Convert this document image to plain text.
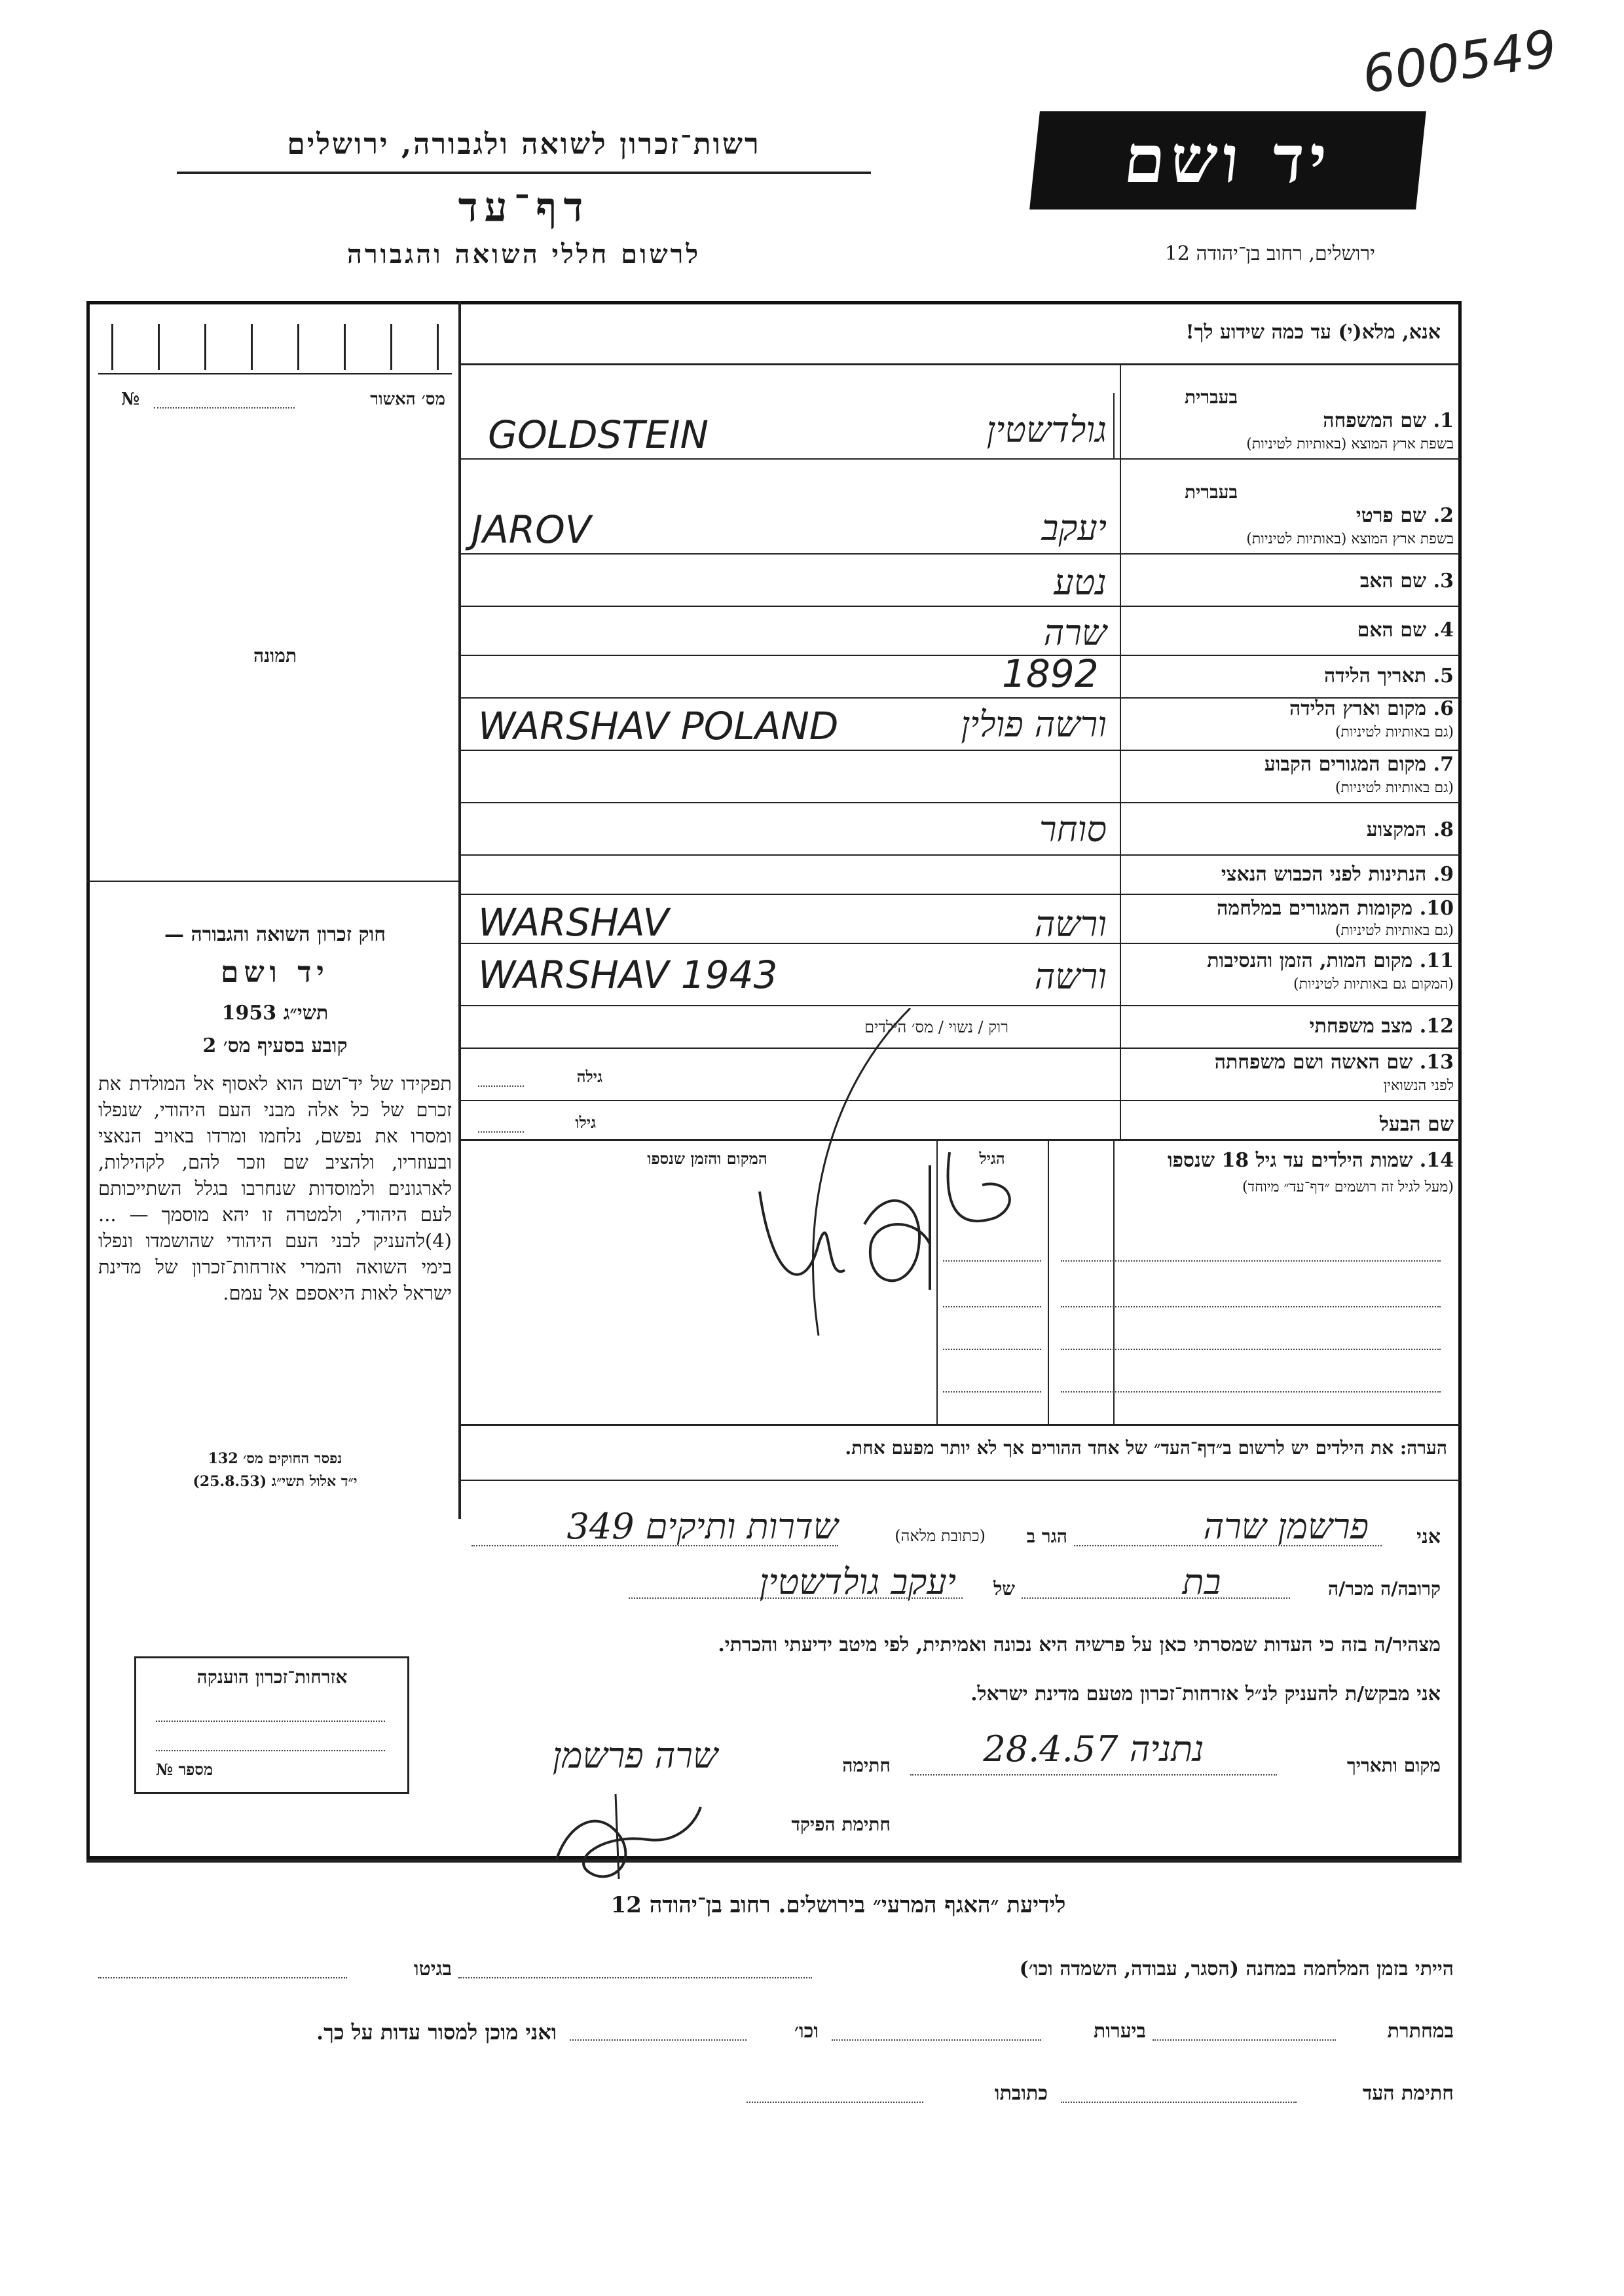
600549
רשות־זכרון לשואה ולגבורה, ירושלים
דף־עד
לרשום חללי השואה והגבורה
יד ושם
ירושלים, רחוב בן־יהודה 12
מס׳ האשור
№
תמונה
חוק זכרון השואה והגבורה —
יד ושם
תשי״ג 1953
קובע בסעיף מס׳ 2
תפקידו של יד־ושם הוא לאסוף אל המולדת את זכרם של כל אלה מבני העם היהודי, שנפלו ומסרו את נפשם, נלחמו ומרדו באויב הנאצי ובעוזריו, ולהציב שם וזכר להם, לקהילות, לארגונים ולמוסדות שנחרבו בגלל השתייכותם לעם היהודי, ולמטרה זו יהא מוסמך — ...(4)להעניק לבני העם היהודי שהושמדו ונפלו בימי השואה והמרי אזרחות־זכרון של מדינת ישראל לאות היאספם אל עמם.
נפסר החוקים מס׳ 132
י״ד אלול תשי״ג (25.8.53)
אזרחות־זכרון הוענקה
מספר №
אנא, מלא(י) עד כמה שידוע לך!
בעברית
1. שם המשפחה
בשפת ארץ המוצא (באותיות לטיניות)
GOLDSTEIN	גולדשטין
בעברית
2. שם פרטי
בשפת ארץ המוצא (באותיות לטיניות)
JAROV	יעקב
3. שם האב
נטע
4. שם האם
שרה
5. תאריך הלידה
1892
6. מקום וארץ הלידה
(גם באותיות לטיניות)
WARSHAV POLAND	ורשה פולין
7. מקום המגורים הקבוע
(גם באותיות לטיניות)
8. המקצוע
סוחר
9. הנתינות לפני הכבוש הנאצי
10. מקומות המגורים במלחמה
(גם באותיות לטיניות)
WARSHAV	ורשה
11. מקום המות, הזמן והנסיבות
(המקום גם באותיות לטיניות)
WARSHAV 1943	ורשה
12. מצב משפחתי
רוק / נשוי / מס׳ הילדים
13. שם האשה ושם משפחתה
לפני הנשואין
גילה
שם הבעל
גילו
14. שמות הילדים עד גיל 18 שנספו
(מעל לגיל זה רושמים ״דף־עד״ מיוחד)
הגיל
המקום והזמן שנספו
הערה: את הילדים יש לרשום ב״דף־העד״ של אחד ההורים אך לא יותר מפעם אחת.
אני
פרשמן שרה
הגר ב
(כתובת מלאה)
שדרות ותיקים 349
קרובה/ה מכר/ה
בת
של
יעקב גולדשטין
מצהיר/ה בזה כי העדות שמסרתי כאן על פרשיה היא נכונה ואמיתית, לפי מיטב ידיעתי והכרתי.
אני מבקש/ת להעניק לנ״ל אזרחות־זכרון מטעם מדינת ישראל.
מקום ותאריך
נתניה 28.4.57
חתימה
שרה פרשמן
חתימת הפיקד
לידיעת ״האגף המרעי״ בירושלים. רחוב בן־יהודה 12
הייתי בזמן המלחמה במחנה (הסגר, עבודה, השמדה וכו׳)
בגיטו
במחתרת
ביערות
וכו׳
ואני מוכן למסור עדות על כך.
חתימת העד
כתובתו
